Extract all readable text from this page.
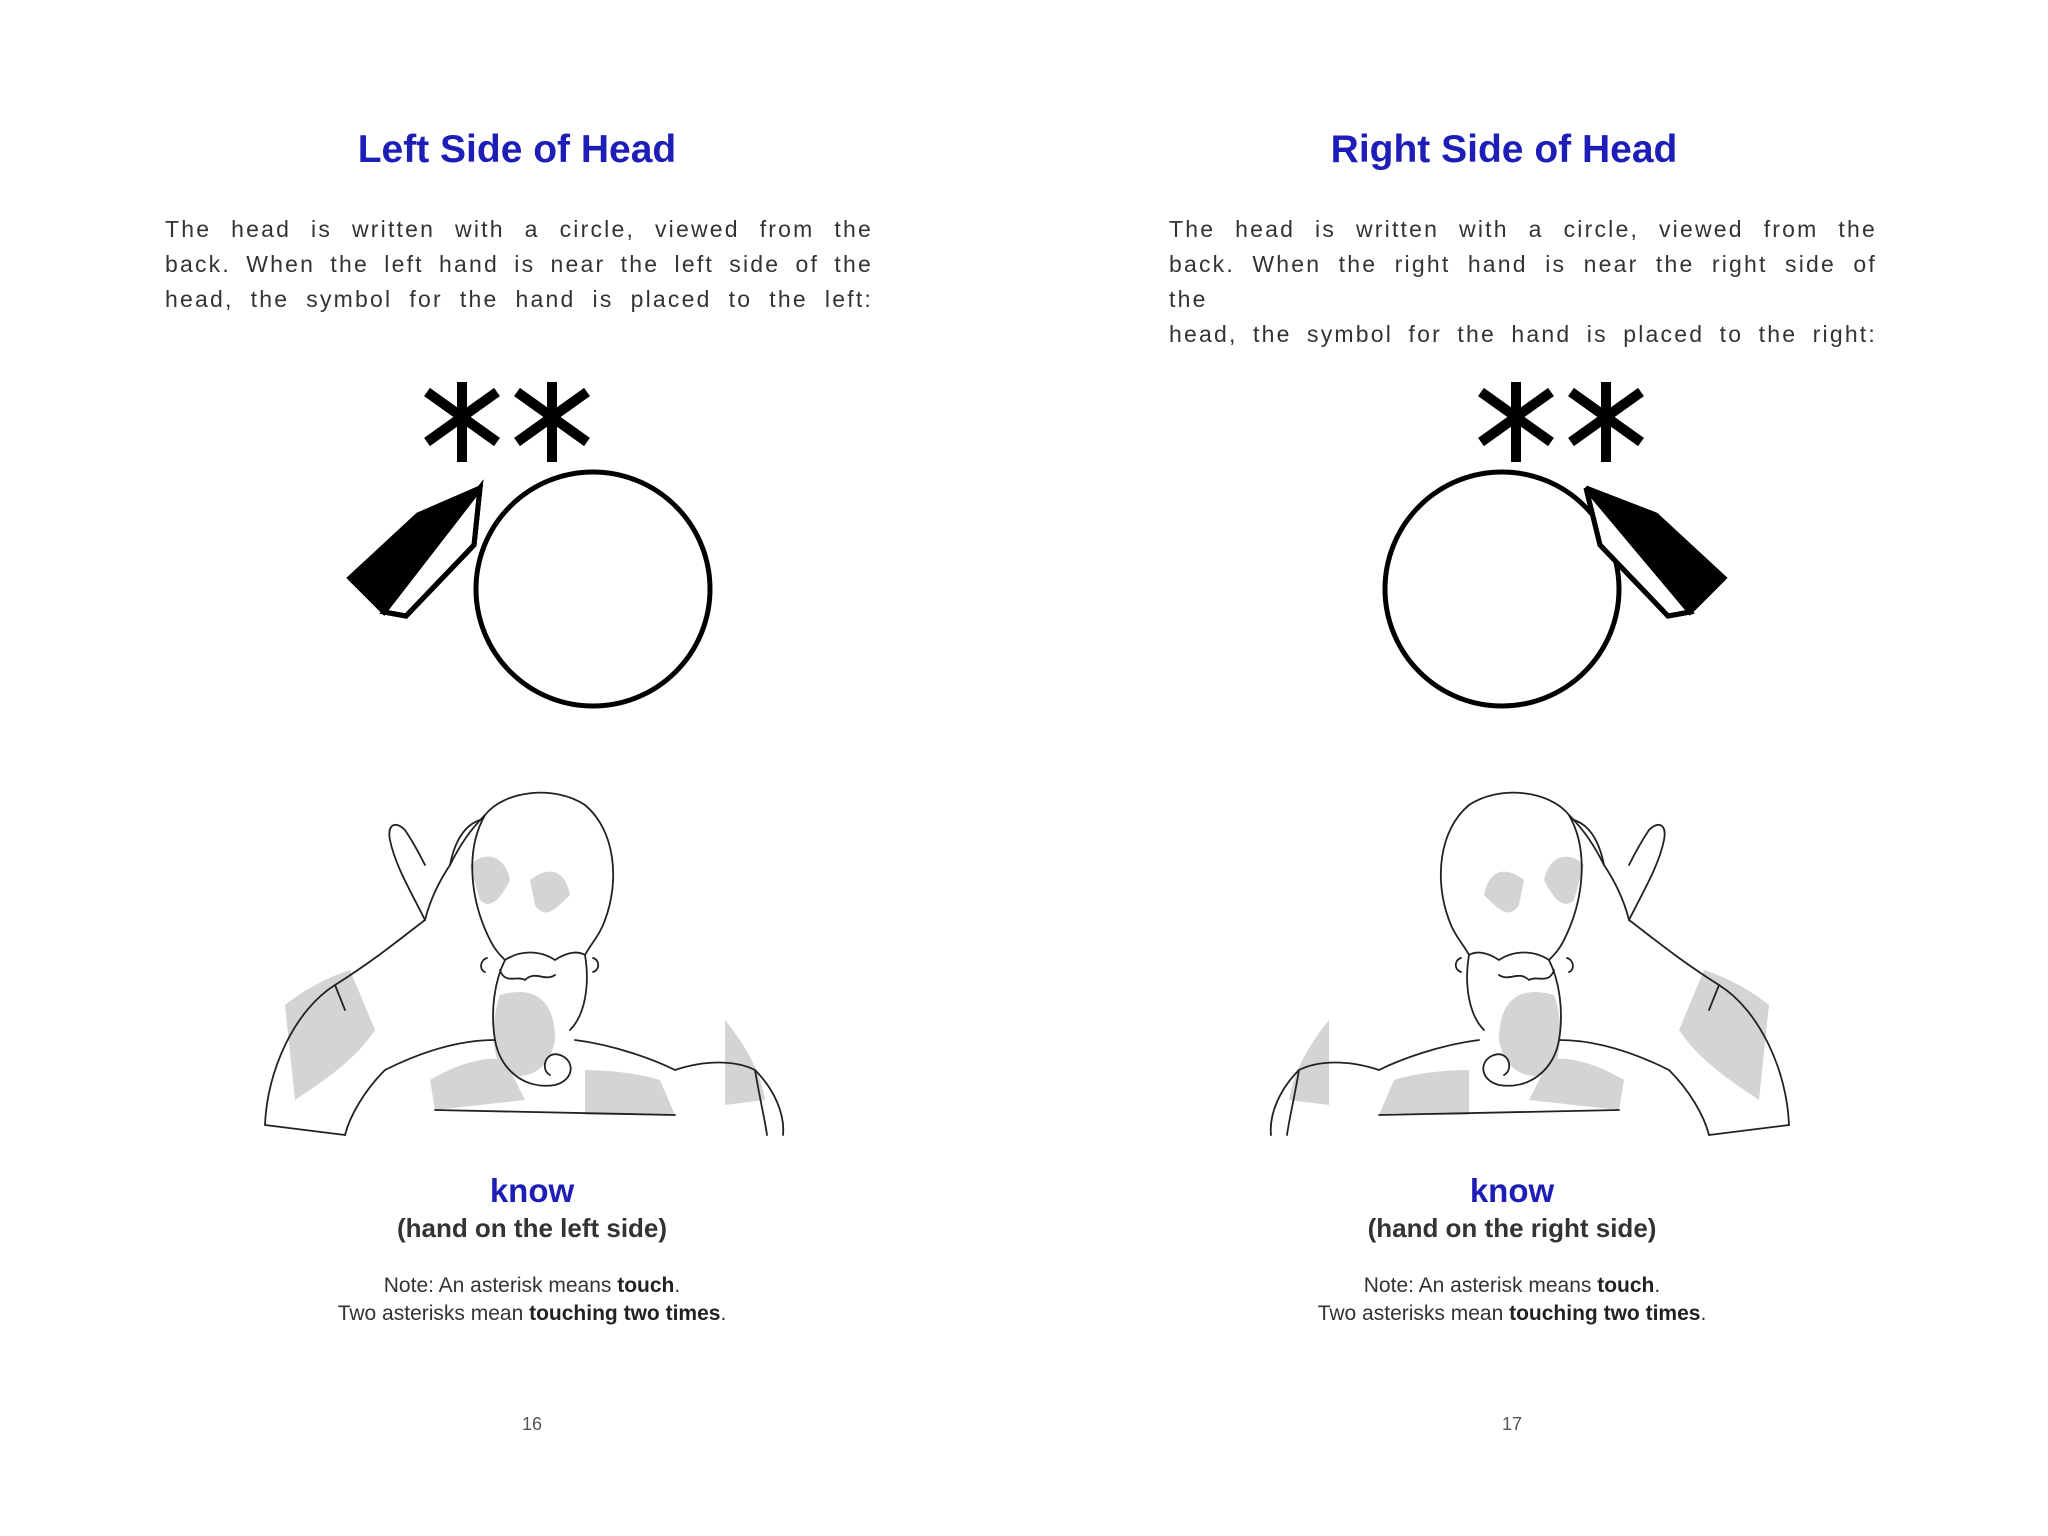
Left Side of Head

The head is written with a circle, viewed from the
back. When the left hand is near the left side of the
head, the symbol for the hand is placed to the left:

know
(hand on the left side)
Note: An asterisk means touch.
Two asterisks mean touching two times.
16
Right Side of Head

The head is written with a circle, viewed from the
back. When the right hand is near the right side of the
head, the symbol for the hand is placed to the right:

know
(hand on the right side)
Note: An asterisk means touch.
Two asterisks mean touching two times.
17
